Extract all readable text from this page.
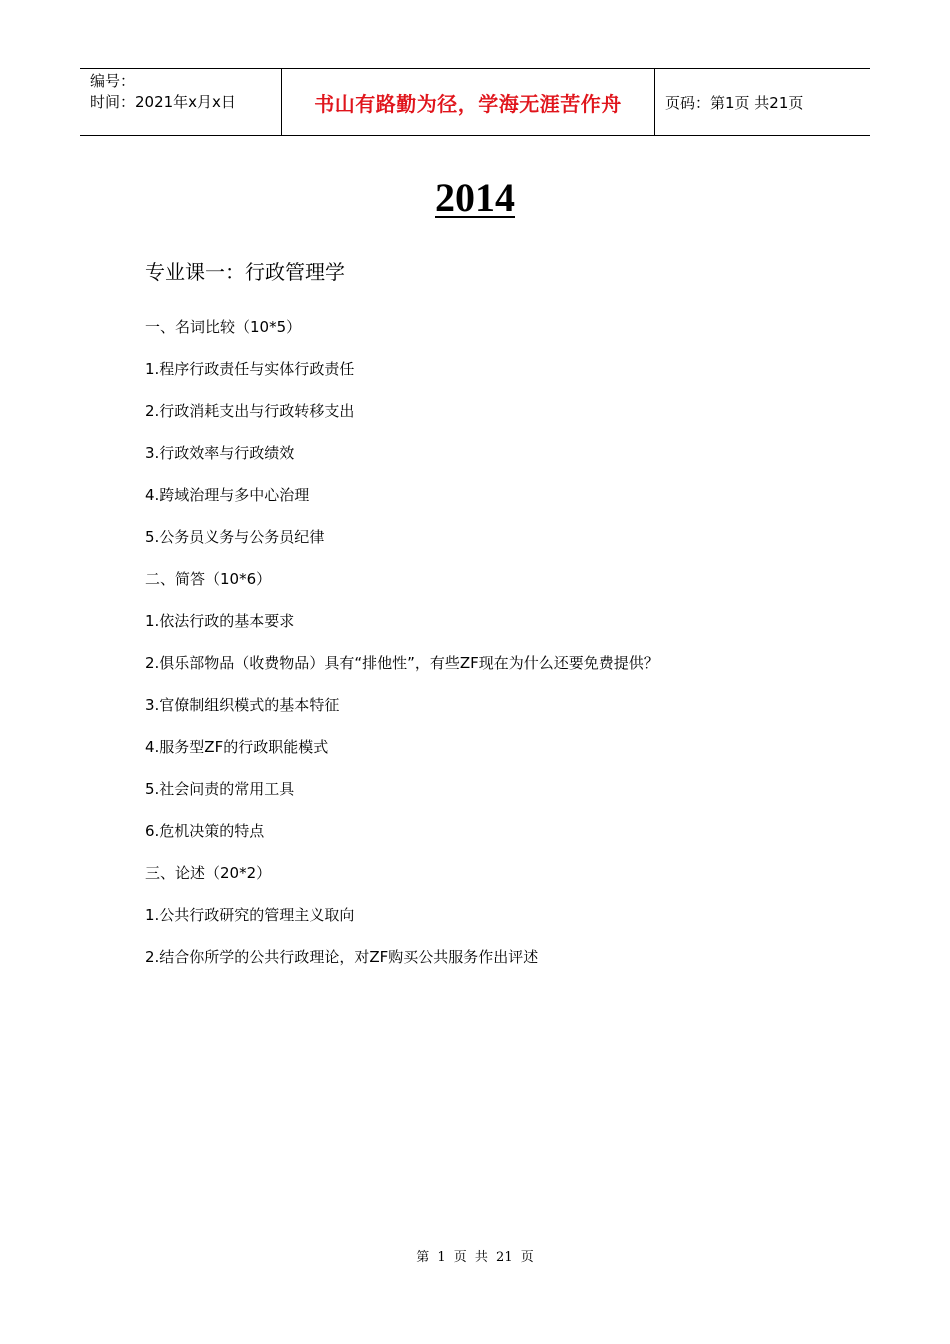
编号：
时间：2021年x月x日	书山有路勤为径，学海无涯苦作舟	页码：第1页 共21页
2014
专业课一：行政管理学
一、名词比较（10*5）
1.程序行政责任与实体行政责任
2.行政消耗支出与行政转移支出
3.行政效率与行政绩效
4.跨域治理与多中心治理
5.公务员义务与公务员纪律
二、简答（10*6）
1.依法行政的基本要求
2.俱乐部物品（收费物品）具有“排他性”，有些ZF现在为什么还要免费提供？
3.官僚制组织模式的基本特征
4.服务型ZF的行政职能模式
5.社会问责的常用工具
6.危机决策的特点
三、论述（20*2）
1.公共行政研究的管理主义取向
2.结合你所学的公共行政理论，对ZF购买公共服务作出评述
第 1 页 共 21 页
